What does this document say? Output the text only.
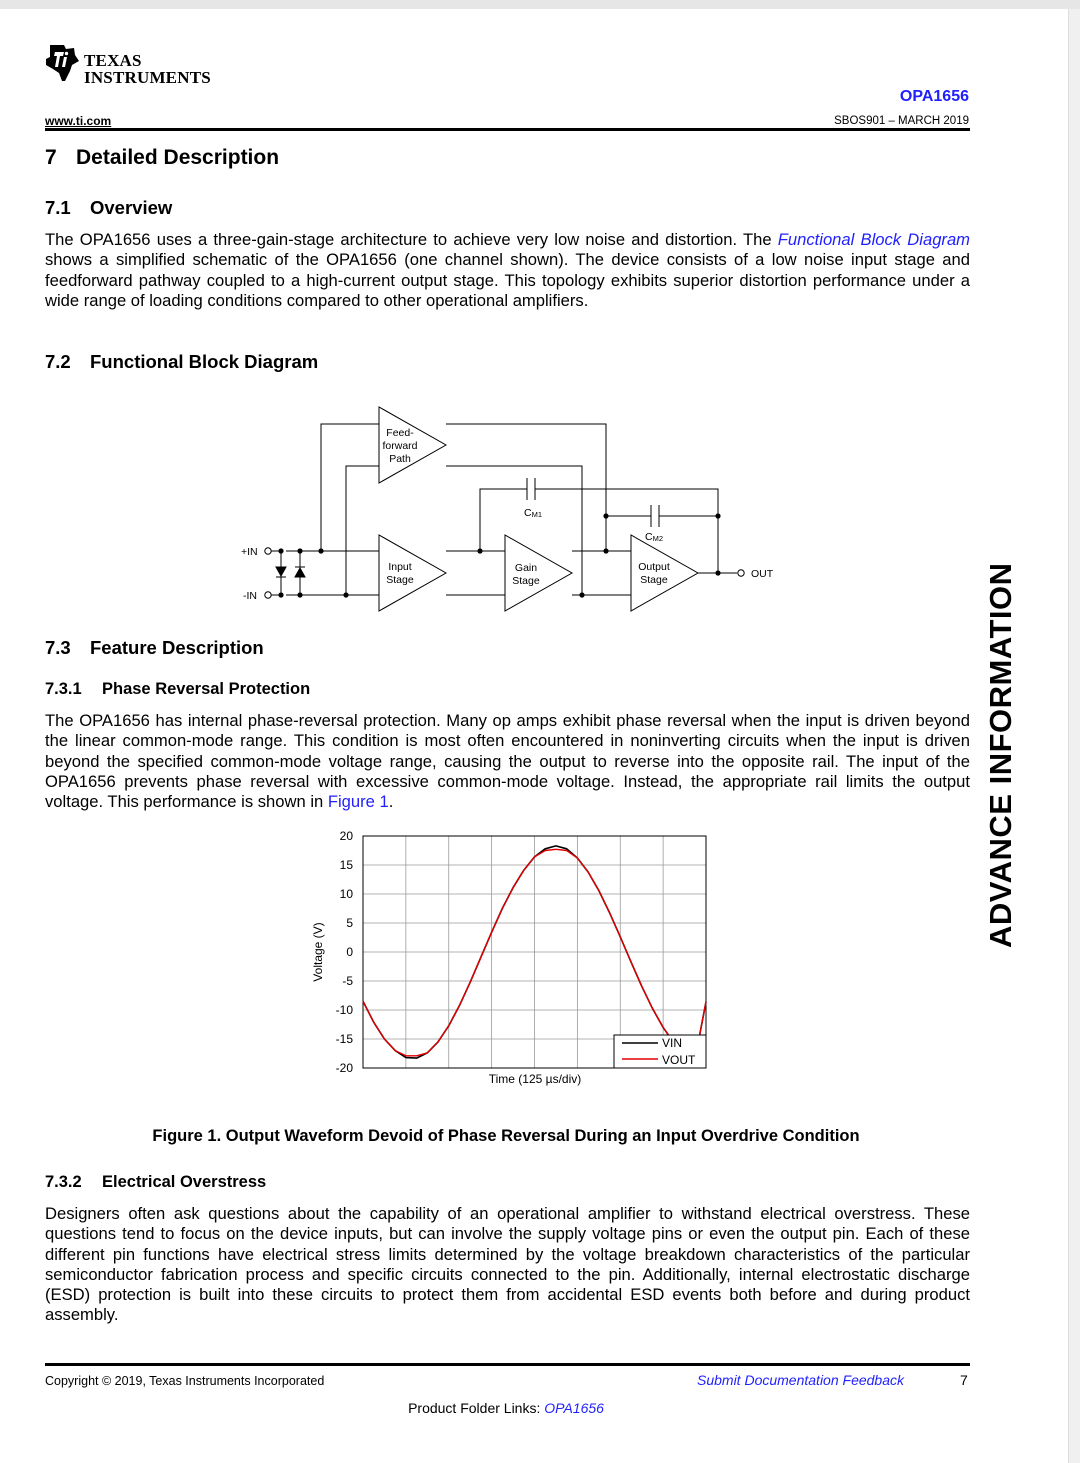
TEXAS
INSTRUMENTS
OPA1656
www.ti.com	SBOS901 – MARCH 2019
7 Detailed Description
7.1 Overview

The OPA1656 uses a three-gain-stage architecture to achieve very low noise and distortion. The Functional Block Diagram shows a simplified schematic of the OPA1656 (one channel shown). The device consists of a low noise input stage and feedforward pathway coupled to a high-current output stage. This topology exhibits superior distortion performance under a wide range of loading conditions compared to other operational amplifiers.

7.2 Functional Block Diagram
Feed-
forward
Path
Input
Stage
Gain
Stage
Output
Stage
CM1
CM2
+IN
-IN
OUT
7.3 Feature Description
7.3.1 Phase Reversal Protection

The OPA1656 has internal phase-reversal protection. Many op amps exhibit phase reversal when the input is driven beyond the linear common-mode range. This condition is most often encountered in noninverting circuits when the input is driven beyond the specified common-mode voltage range, causing the output to reverse into the opposite rail. The input of the OPA1656 prevents phase reversal with excessive common-mode voltage. Instead, the appropriate rail limits the output voltage. This performance is shown in Figure 1.

20
15
10
5
0
-5
-10
-15
-20
Voltage (V)
Time (125 µs/div)
VIN
VOUT

Figure 1. Output Waveform Devoid of Phase Reversal During an Input Overdrive Condition

7.3.2 Electrical Overstress

Designers often ask questions about the capability of an operational amplifier to withstand electrical overstress. These questions tend to focus on the device inputs, but can involve the supply voltage pins or even the output pin. Each of these different pin functions have electrical stress limits determined by the voltage breakdown characteristics of the particular semiconductor fabrication process and specific circuits connected to the pin. Additionally, internal electrostatic discharge (ESD) protection is built into these circuits to protect them from accidental ESD events both before and during product assembly.

ADVANCE INFORMATION
Copyright © 2019, Texas Instruments Incorporated	Submit Documentation Feedback	7
Product Folder Links: OPA1656
